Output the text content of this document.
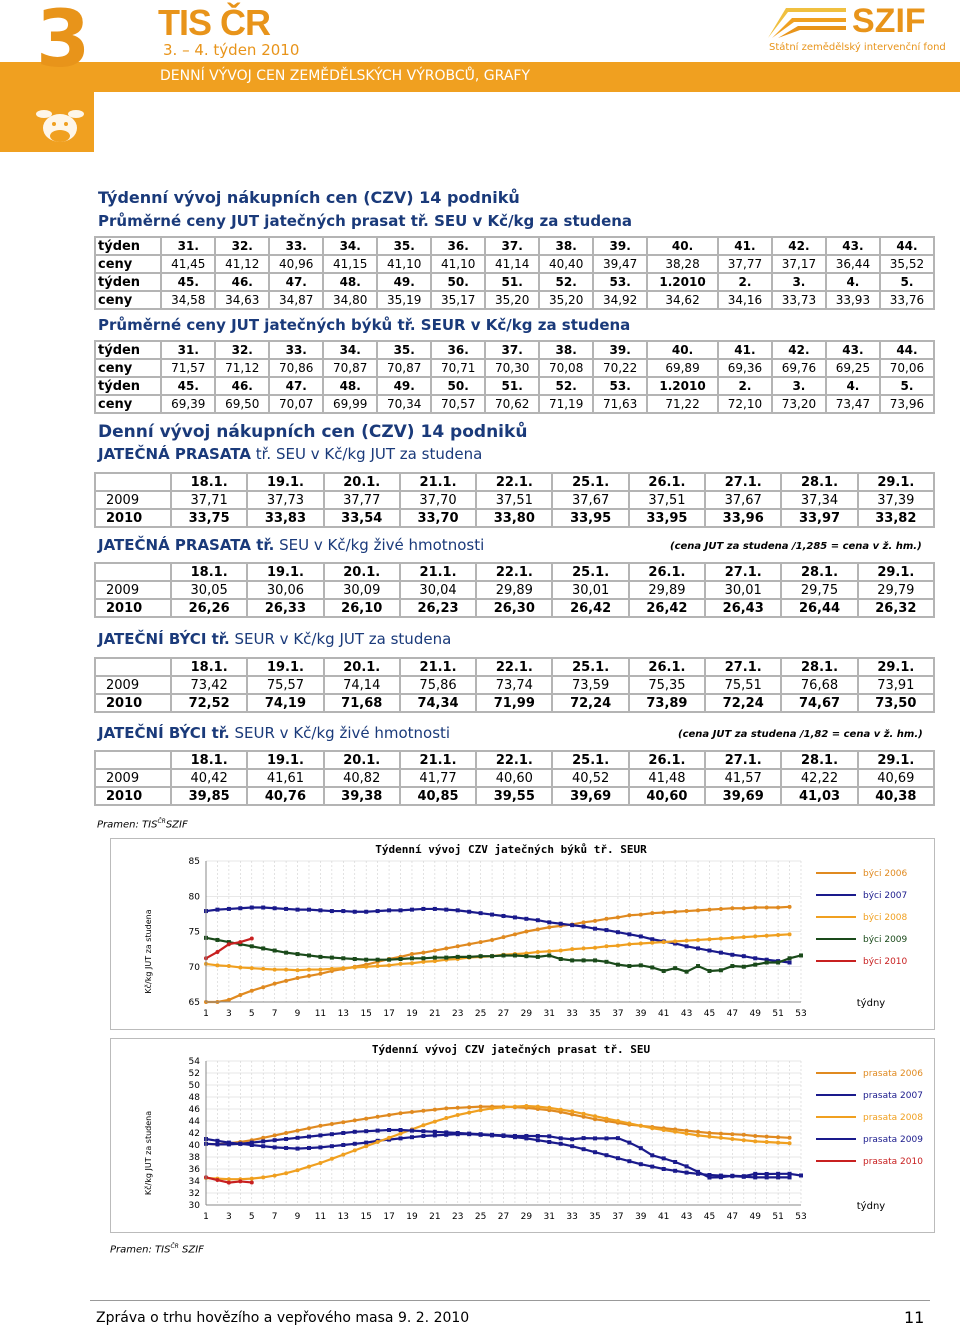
3 TIS ČR
3. – 4. týden 2010
DENNÍ VÝVOJ CEN ZEMĚDĚLSKÝCH VÝROBCŮ, GRAFY
SZIF
Státní zemědělský intervenční fond
Týdenní vývoj nákupních cen (CZV) 14 podniků
Průměrné ceny JUT jatečných prasat tř. SEU v Kč/kg za studena
týden	31.	32.	33.	34.	35.	36.	37.	38.	39.	40.	41.	42.	43.	44.
ceny	41,45	41,12	40,96	41,15	41,10	41,10	41,14	40,40	39,47	38,28	37,77	37,17	36,44	35,52
týden	45.	46.	47.	48.	49.	50.	51.	52.	53.	1.2010	2.	3.	4.	5.
ceny	34,58	34,63	34,87	34,80	35,19	35,17	35,20	35,20	34,92	34,62	34,16	33,73	33,93	33,76
Průměrné ceny JUT jatečných býků tř. SEUR v Kč/kg za studena
týden	31.	32.	33.	34.	35.	36.	37.	38.	39.	40.	41.	42.	43.	44.
ceny	71,57	71,12	70,86	70,87	70,87	70,71	70,30	70,08	70,22	69,89	69,36	69,76	69,25	70,06
týden	45.	46.	47.	48.	49.	50.	51.	52.	53.	1.2010	2.	3.	4.	5.
ceny	69,39	69,50	70,07	69,99	70,34	70,57	70,62	71,19	71,63	71,22	72,10	73,20	73,47	73,96
Denní vývoj nákupních cen (CZV) 14 podniků
JATEČNÁ PRASATA tř. SEU v Kč/kg JUT za studena
	18.1.	19.1.	20.1.	21.1.	22.1.	25.1.	26.1.	27.1.	28.1.	29.1.
2009	37,71	37,73	37,77	37,70	37,51	37,67	37,51	37,67	37,34	37,39
2010	33,75	33,83	33,54	33,70	33,80	33,95	33,95	33,96	33,97	33,82
JATEČNÁ PRASATA tř. SEU v Kč/kg živé hmotnosti	(cena JUT za studena /1,285 = cena v ž. hm.)
	18.1.	19.1.	20.1.	21.1.	22.1.	25.1.	26.1.	27.1.	28.1.	29.1.
2009	30,05	30,06	30,09	30,04	29,89	30,01	29,89	30,01	29,75	29,79
2010	26,26	26,33	26,10	26,23	26,30	26,42	26,42	26,43	26,44	26,32
JATEČNÍ BÝCI tř. SEUR v Kč/kg JUT za studena
	18.1.	19.1.	20.1.	21.1.	22.1.	25.1.	26.1.	27.1.	28.1.	29.1.
2009	73,42	75,57	74,14	75,86	73,74	73,59	75,35	75,51	76,68	73,91
2010	72,52	74,19	71,68	74,34	71,99	72,24	73,89	72,24	74,67	73,50
JATEČNÍ BÝCI tř. SEUR v Kč/kg živé hmotnosti	(cena JUT za studena /1,82 = cena v ž. hm.)
	18.1.	19.1.	20.1.	21.1.	22.1.	25.1.	26.1.	27.1.	28.1.	29.1.
2009	40,42	41,61	40,82	41,77	40,60	40,52	41,48	41,57	42,22	40,69
2010	39,85	40,76	39,38	40,85	39,55	39,69	40,60	39,69	41,03	40,38
Pramen: $TIS^{ČR}SZIF$
65
70
75
80
85
1 3 5 7 9 11 13 15 17 19 21 23 25 27 29 31 33 35 37 39 41 43 45 47 49 51 53
Týdenní vývoj CZV jatečných býků tř. SEUR
Kč/kg JUT za studena
týdny
býci 2006
býci 2007
býci 2008
býci 2009
býci 2010
30
32
34
36
38
40
42
44
46
48
50
52
54
1 3 5 7 9 11 13 15 17 19 21 23 25 27 29 31 33 35 37 39 41 43 45 47 49 51 53
Týdenní vývoj CZV jatečných prasat tř. SEU
Kč/kg JUT za studena
týdny
prasata 2006
prasata 2007
prasata 2008
prasata 2009
prasata 2010
Pramen: $TIS^{ČR}$ SZIF
Zpráva o trhu hovězího a vepřového masa 9. 2. 2010	11
